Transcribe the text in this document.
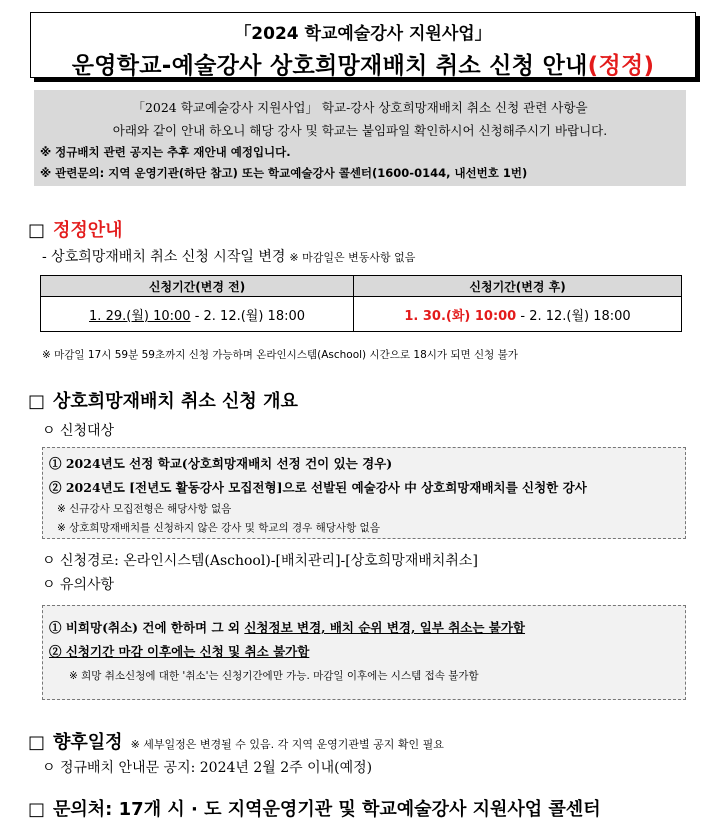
「2024 학교예술강사 지원사업」
운영학교-예술강사 상호희망재배치 취소 신청 안내(정정)
「2024 학교예술강사 지원사업」 학교-강사 상호희망재배치 취소 신청 관련 사항을
아래와 같이 안내 하오니 해당 강사 및 학교는 붙임파일 확인하시어 신청해주시기 바랍니다.
※ 정규배치 관련 공지는 추후 재안내 예정입니다.
※ 관련문의: 지역 운영기관(하단 참고) 또는 학교예술강사 콜센터(1600-0144, 내선번호 1번)
□ 정정안내
- 상호희망재배치 취소 신청 시작일 변경 ※ 마감일은 변동사항 없음
신청기간(변경 전)	신청기간(변경 후)
1. 29.(월) 10:00 - 2. 12.(월) 18:00	1. 30.(화) 10:00 - 2. 12.(월) 18:00
※ 마감일 17시 59분 59초까지 신청 가능하며 온라인시스템(Aschool) 시간으로 18시가 되면 신청 불가
□ 상호희망재배치 취소 신청 개요
ㅇ 신청대상
① 2024년도 선정 학교(상호희망재배치 선정 건이 있는 경우)
② 2024년도 [전년도 활동강사 모집전형]으로 선발된 예술강사 中 상호희망재배치를 신청한 강사
※ 신규강사 모집전형은 해당사항 없음
※ 상호희망재배치를 신청하지 않은 강사 및 학교의 경우 해당사항 없음
ㅇ 신청경로: 온라인시스템(Aschool)-[배치관리]-[상호희망재배치취소]
ㅇ 유의사항
① 비희망(취소) 건에 한하며 그 외 신청정보 변경, 배치 순위 변경, 일부 취소는 불가함
② 신청기간 마감 이후에는 신청 및 취소 불가함
※ 희망 취소신청에 대한 '취소'는 신청기간에만 가능. 마감일 이후에는 시스템 접속 불가함
□ 향후일정 ※ 세부일정은 변경될 수 있음. 각 지역 운영기관별 공지 확인 필요
ㅇ 정규배치 안내문 공지: 2024년 2월 2주 이내(예정)
□ 문의처: 17개 시 · 도 지역운영기관 및 학교예술강사 지원사업 콜센터
